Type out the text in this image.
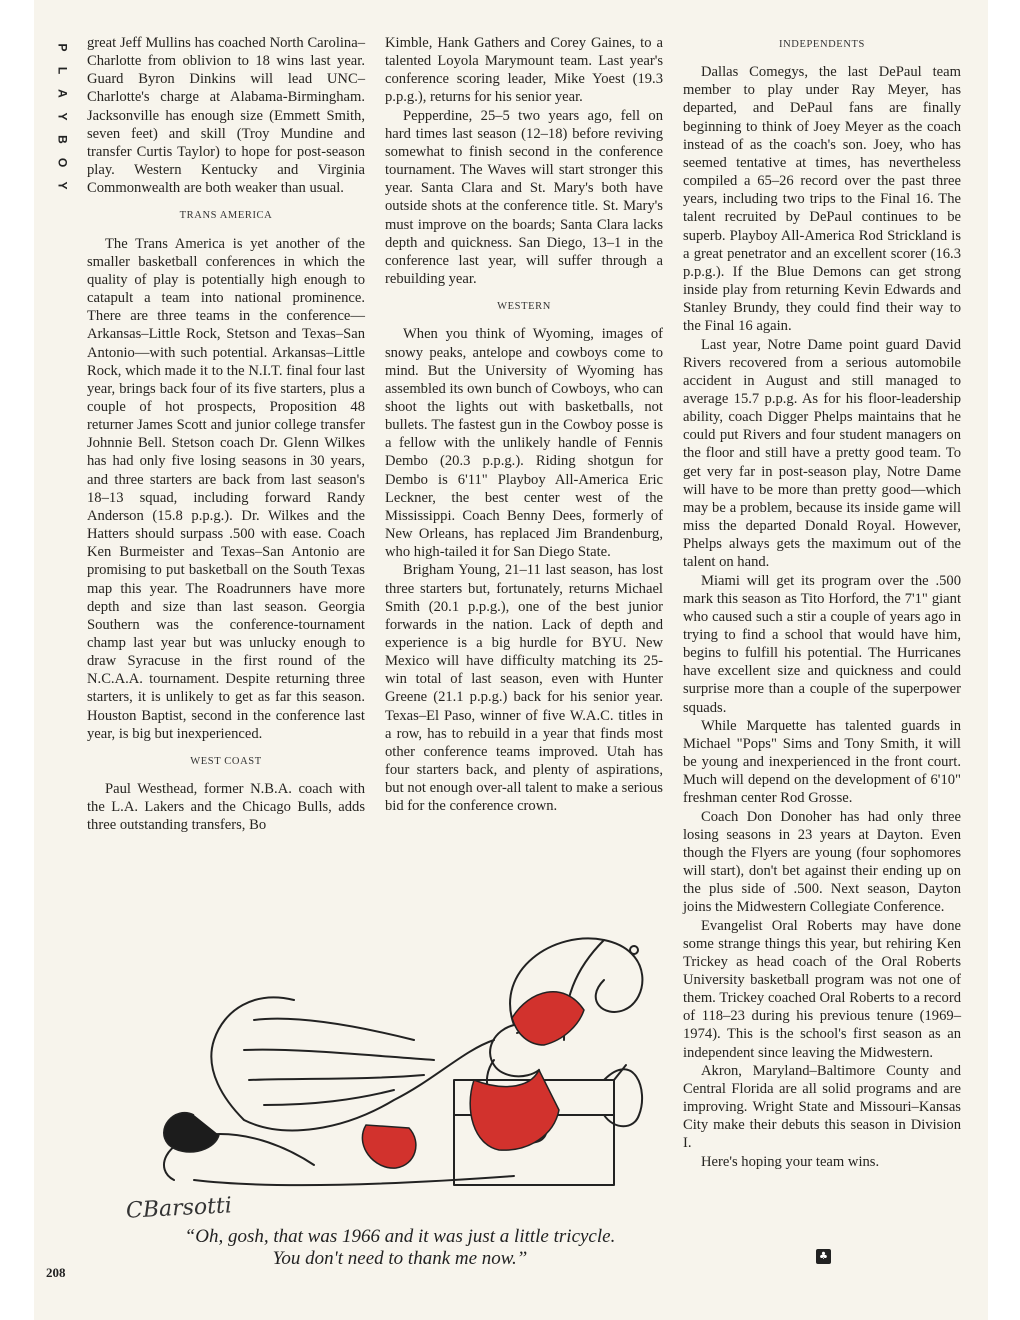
P
L
A
Y
B
O
Y

great Jeff Mullins has coached North Carolina–Charlotte from oblivion to 18 wins last year. Guard Byron Dinkins will lead UNC–Charlotte's charge at Alabama-Birmingham. Jacksonville has enough size (Emmett Smith, seven feet) and skill (Troy Mundine and transfer Curtis Taylor) to hope for post-season play. Western Kentucky and Virginia Commonwealth are both weaker than usual.

TRANS AMERICA

The Trans America is yet another of the smaller basketball conferences in which the quality of play is potentially high enough to catapult a team into national prominence. There are three teams in the conference—Arkansas–Little Rock, Stetson and Texas–San Antonio—with such potential. Arkansas–Little Rock, which made it to the N.I.T. final four last year, brings back four of its five starters, plus a couple of hot prospects, Proposition 48 returner James Scott and junior college transfer Johnnie Bell. Stetson coach Dr. Glenn Wilkes has had only five losing seasons in 30 years, and three starters are back from last season's 18–13 squad, including forward Randy Anderson (15.8 p.p.g.). Dr. Wilkes and the Hatters should surpass .500 with ease. Coach Ken Burmeister and Texas–San Antonio are promising to put basketball on the South Texas map this year. The Roadrunners have more depth and size than last season. Georgia Southern was the conference-tournament champ last year but was unlucky enough to draw Syracuse in the first round of the N.C.A.A. tournament. Despite returning three starters, it is unlikely to get as far this season. Houston Baptist, second in the conference last year, is big but inexperienced.

WEST COAST

Paul Westhead, former N.B.A. coach with the L.A. Lakers and the Chicago Bulls, adds three outstanding transfers, Bo

Kimble, Hank Gathers and Corey Gaines, to a talented Loyola Marymount team. Last year's conference scoring leader, Mike Yoest (19.3 p.p.g.), returns for his senior year.

Pepperdine, 25–5 two years ago, fell on hard times last season (12–18) before reviving somewhat to finish second in the conference tournament. The Waves will start stronger this year. Santa Clara and St. Mary's both have outside shots at the conference title. St. Mary's must improve on the boards; Santa Clara lacks depth and quickness. San Diego, 13–1 in the conference last year, will suffer through a rebuilding year.

WESTERN

When you think of Wyoming, images of snowy peaks, antelope and cowboys come to mind. But the University of Wyoming has assembled its own bunch of Cowboys, who can shoot the lights out with basketballs, not bullets. The fastest gun in the Cowboy posse is a fellow with the unlikely handle of Fennis Dembo (20.3 p.p.g.). Riding shotgun for Dembo is 6'11" Playboy All-America Eric Leckner, the best center west of the Mississippi. Coach Benny Dees, formerly of New Orleans, has replaced Jim Brandenburg, who high-tailed it for San Diego State.

Brigham Young, 21–11 last season, has lost three starters but, fortunately, returns Michael Smith (20.1 p.p.g.), one of the best junior forwards in the nation. Lack of depth and experience is a big hurdle for BYU. New Mexico will have difficulty matching its 25-win total of last season, even with Hunter Greene (21.1 p.p.g.) back for his senior year. Texas–El Paso, winner of five W.A.C. titles in a row, has to rebuild in a year that finds most other conference teams improved. Utah has four starters back, and plenty of aspirations, but not enough over-all talent to make a serious bid for the conference crown.

INDEPENDENTS

Dallas Comegys, the last DePaul team member to play under Ray Meyer, has departed, and DePaul fans are finally beginning to think of Joey Meyer as the coach instead of as the coach's son. Joey, who has seemed tentative at times, has nevertheless compiled a 65–26 record over the past three years, including two trips to the Final 16. The talent recruited by DePaul continues to be superb. Playboy All-America Rod Strickland is a great penetrator and an excellent scorer (16.3 p.p.g.). If the Blue Demons can get strong inside play from returning Kevin Edwards and Stanley Brundy, they could find their way to the Final 16 again.

Last year, Notre Dame point guard David Rivers recovered from a serious automobile accident in August and still managed to average 15.7 p.p.g. As for his floor-leadership ability, coach Digger Phelps maintains that he could put Rivers and four student managers on the floor and still have a pretty good team. To get very far in post-season play, Notre Dame will have to be more than pretty good—which may be a problem, because its inside game will miss the departed Donald Royal. However, Phelps always gets the maximum out of the talent on hand.

Miami will get its program over the .500 mark this season as Tito Horford, the 7'1" giant who caused such a stir a couple of years ago in trying to find a school that would have him, begins to fulfill his potential. The Hurricanes have excellent size and quickness and could surprise more than a couple of the superpower squads.

While Marquette has talented guards in Michael "Pops" Sims and Tony Smith, it will be young and inexperienced in the front court. Much will depend on the development of 6'10" freshman center Rod Grosse.

Coach Don Donoher has had only three losing seasons in 23 years at Dayton. Even though the Flyers are young (four sophomores will start), don't bet against their ending up on the plus side of .500. Next season, Dayton joins the Midwestern Collegiate Conference.

Evangelist Oral Roberts may have done some strange things this year, but rehiring Ken Trickey as head coach of the Oral Roberts University basketball program was not one of them. Trickey coached Oral Roberts to a record of 118–23 during his previous tenure (1969–1974). This is the school's first season as an independent since leaving the Midwestern.

Akron, Maryland–Baltimore County and Central Florida are all solid programs and are improving. Wright State and Missouri–Kansas City make their debuts this season in Division I.

Here's hoping your team wins.

CBarsotti
“Oh, gosh, that was 1966 and it was just a little tricycle. You don't need to thank me now.”
208
♣
